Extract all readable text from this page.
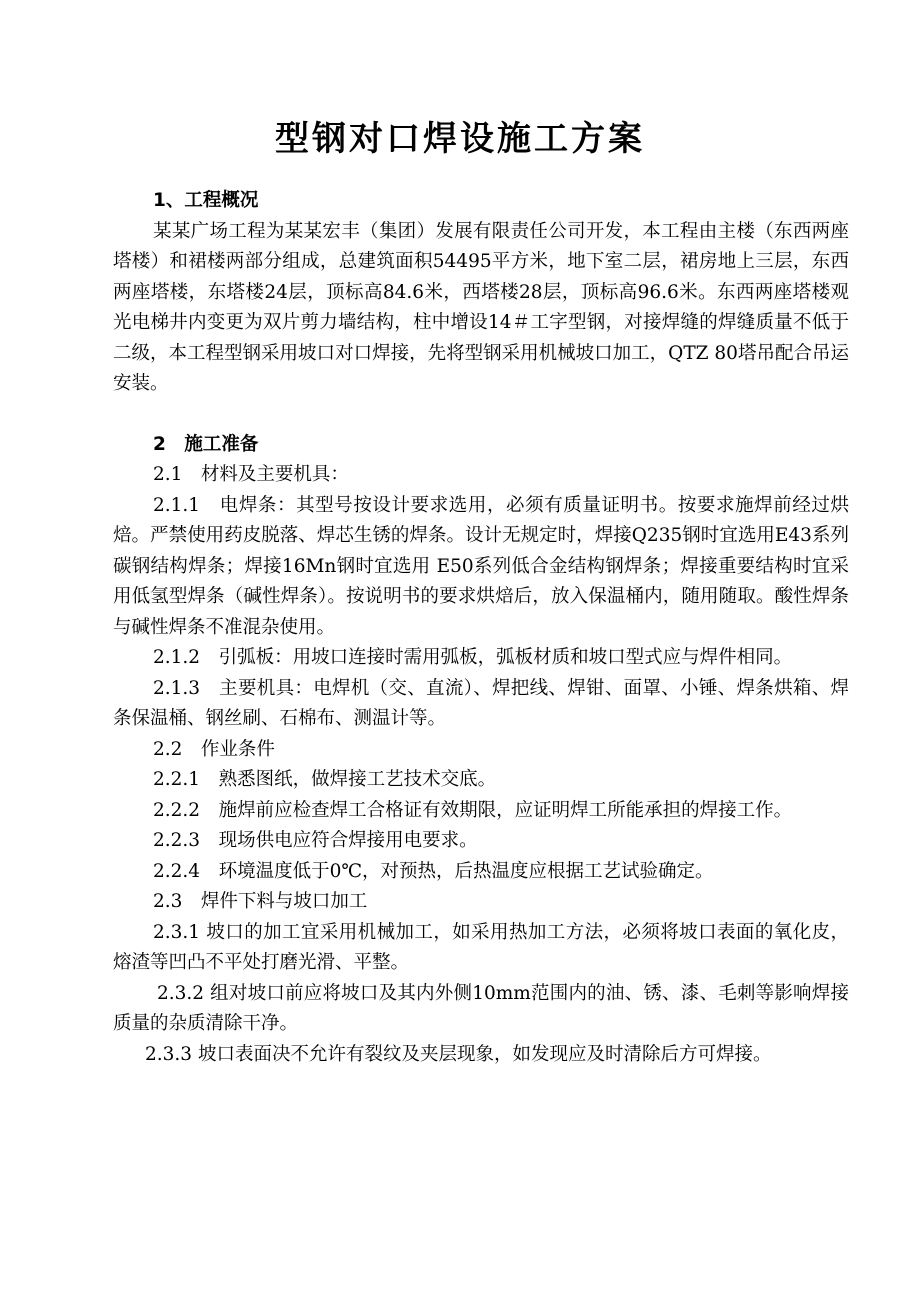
型钢对口焊设施工方案

1、工程概况

某某广场工程为某某宏丰（集团）发展有限责任公司开发，本工程由主楼（东西两座塔楼）和裙楼两部分组成，总建筑面积54495平方米，地下室二层，裙房地上三层，东西两座塔楼，东塔楼24层，顶标高84.6米，西塔楼28层，顶标高96.6米。东西两座塔楼观光电梯井内变更为双片剪力墙结构，柱中增设14＃工字型钢，对接焊缝的焊缝质量不低于二级，本工程型钢采用坡口对口焊接，先将型钢采用机械坡口加工，QTZ 80塔吊配合吊运安装。

2　施工准备

2.1　材料及主要机具：

2.1.1　电焊条：其型号按设计要求选用，必须有质量证明书。按要求施焊前经过烘焙。严禁使用药皮脱落、焊芯生锈的焊条。设计无规定时，焊接Q235钢时宜选用E43系列碳钢结构焊条；焊接16Mn钢时宜选用 E50系列低合金结构钢焊条；焊接重要结构时宜采用低氢型焊条（碱性焊条）。按说明书的要求烘焙后，放入保温桶内，随用随取。酸性焊条与碱性焊条不准混杂使用。

2.1.2　引弧板：用坡口连接时需用弧板，弧板材质和坡口型式应与焊件相同。

2.1.3　主要机具：电焊机（交、直流）、焊把线、焊钳、面罩、小锤、焊条烘箱、焊条保温桶、钢丝刷、石棉布、测温计等。

2.2　作业条件

2.2.1　熟悉图纸，做焊接工艺技术交底。

2.2.2　施焊前应检查焊工合格证有效期限，应证明焊工所能承担的焊接工作。

2.2.3　现场供电应符合焊接用电要求。

2.2.4　环境温度低于0℃，对预热，后热温度应根据工艺试验确定。

2.3　焊件下料与坡口加工

2.3.1 坡口的加工宜采用机械加工，如采用热加工方法，必须将坡口表面的氧化皮，熔渣等凹凸不平处打磨光滑、平整。

2.3.2 组对坡口前应将坡口及其内外侧10mm范围内的油、锈、漆、毛刺等影响焊接质量的杂质清除干净。

2.3.3 坡口表面决不允许有裂纹及夹层现象，如发现应及时清除后方可焊接。
